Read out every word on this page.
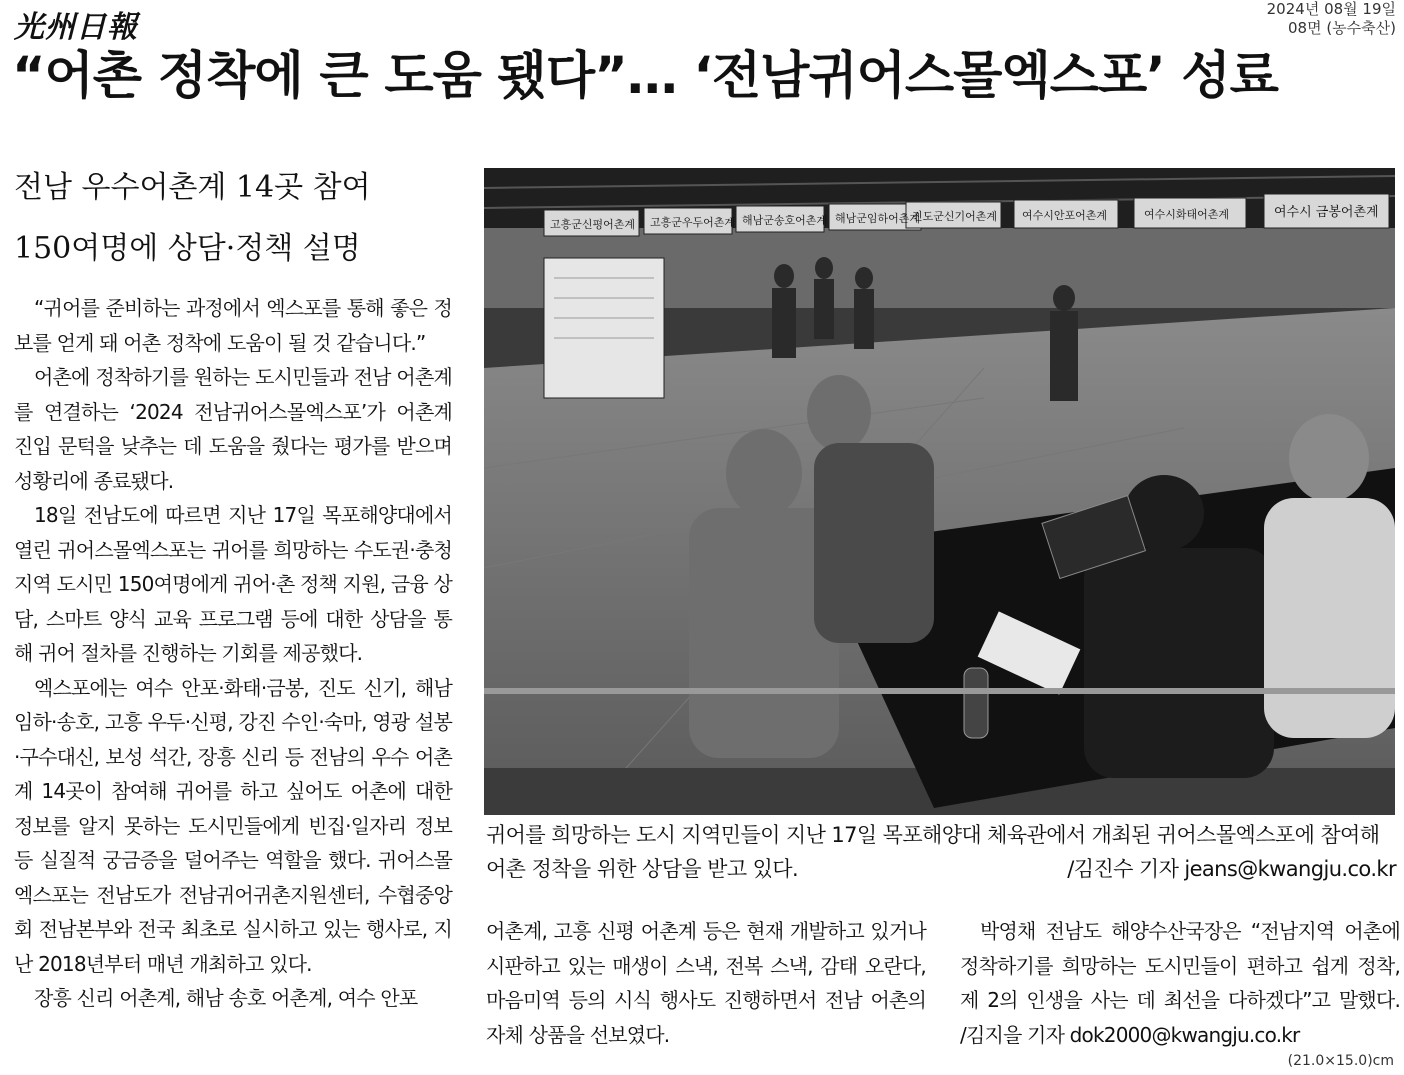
光州日報
2024년 08월 19일
08면 (농수축산)
“어촌 정착에 큰 도움 됐다”… ‘전남귀어스몰엑스포’ 성료
전남 우수어촌계 14곳 참여
150여명에 상담·정책 설명

“귀어를 준비하는 과정에서 엑스포를 통해 좋은 정보를 얻게 돼 어촌 정착에 도움이 될 것 같습니다.”

어촌에 정착하기를 원하는 도시민들과 전남 어촌계를 연결하는 ‘2024 전남귀어스몰엑스포’가 어촌계 진입 문턱을 낮추는 데 도움을 줬다는 평가를 받으며 성황리에 종료됐다.

18일 전남도에 따르면 지난 17일 목포해양대에서 열린 귀어스몰엑스포는 귀어를 희망하는 수도권·충청 지역 도시민 150여명에게 귀어·촌 정책 지원, 금융 상담, 스마트 양식 교육 프로그램 등에 대한 상담을 통해 귀어 절차를 진행하는 기회를 제공했다.

엑스포에는 여수 안포·화태·금봉, 진도 신기, 해남 임하·송호, 고흥 우두·신평, 강진 수인·숙마, 영광 설봉·구수대신, 보성 석간, 장흥 신리 등 전남의 우수 어촌계 14곳이 참여해 귀어를 하고 싶어도 어촌에 대한 정보를 알지 못하는 도시민들에게 빈집·일자리 정보 등 실질적 궁금증을 덜어주는 역할을 했다. 귀어스몰엑스포는 전남도가 전남귀어귀촌지원센터, 수협중앙회 전남본부와 전국 최초로 실시하고 있는 행사로, 지난 2018년부터 매년 개최하고 있다.

장흥 신리 어촌계, 해남 송호 어촌계, 여수 안포

고흥군신평어촌계 고흥군우두어촌계 해남군송호어촌계 해남군임하어촌계
진도군신기어촌계 여수시안포어촌계	여수시화태어촌계	여수시 금봉어촌계
귀어를 희망하는 도시 지역민들이 지난 17일 목포해양대 체육관에서 개최된 귀어스몰엑스포에 참여해 어촌 정착을 위한 상담을 받고 있다.	/김진수 기자 jeans@kwangju.co.kr

어촌계, 고흥 신평 어촌계 등은 현재 개발하고 있거나 시판하고 있는 매생이 스낵, 전복 스낵, 감태 오란다, 마음미역 등의 시식 행사도 진행하면서 전남 어촌의 자체 상품을 선보였다.

박영채 전남도 해양수산국장은 “전남지역 어촌에 정착하기를 희망하는 도시민들이 편하고 쉽게 정착, 제 2의 인생을 사는 데 최선을 다하겠다”고 말했다. /김지을 기자 dok2000@kwangju.co.kr

(21.0×15.0)cm
